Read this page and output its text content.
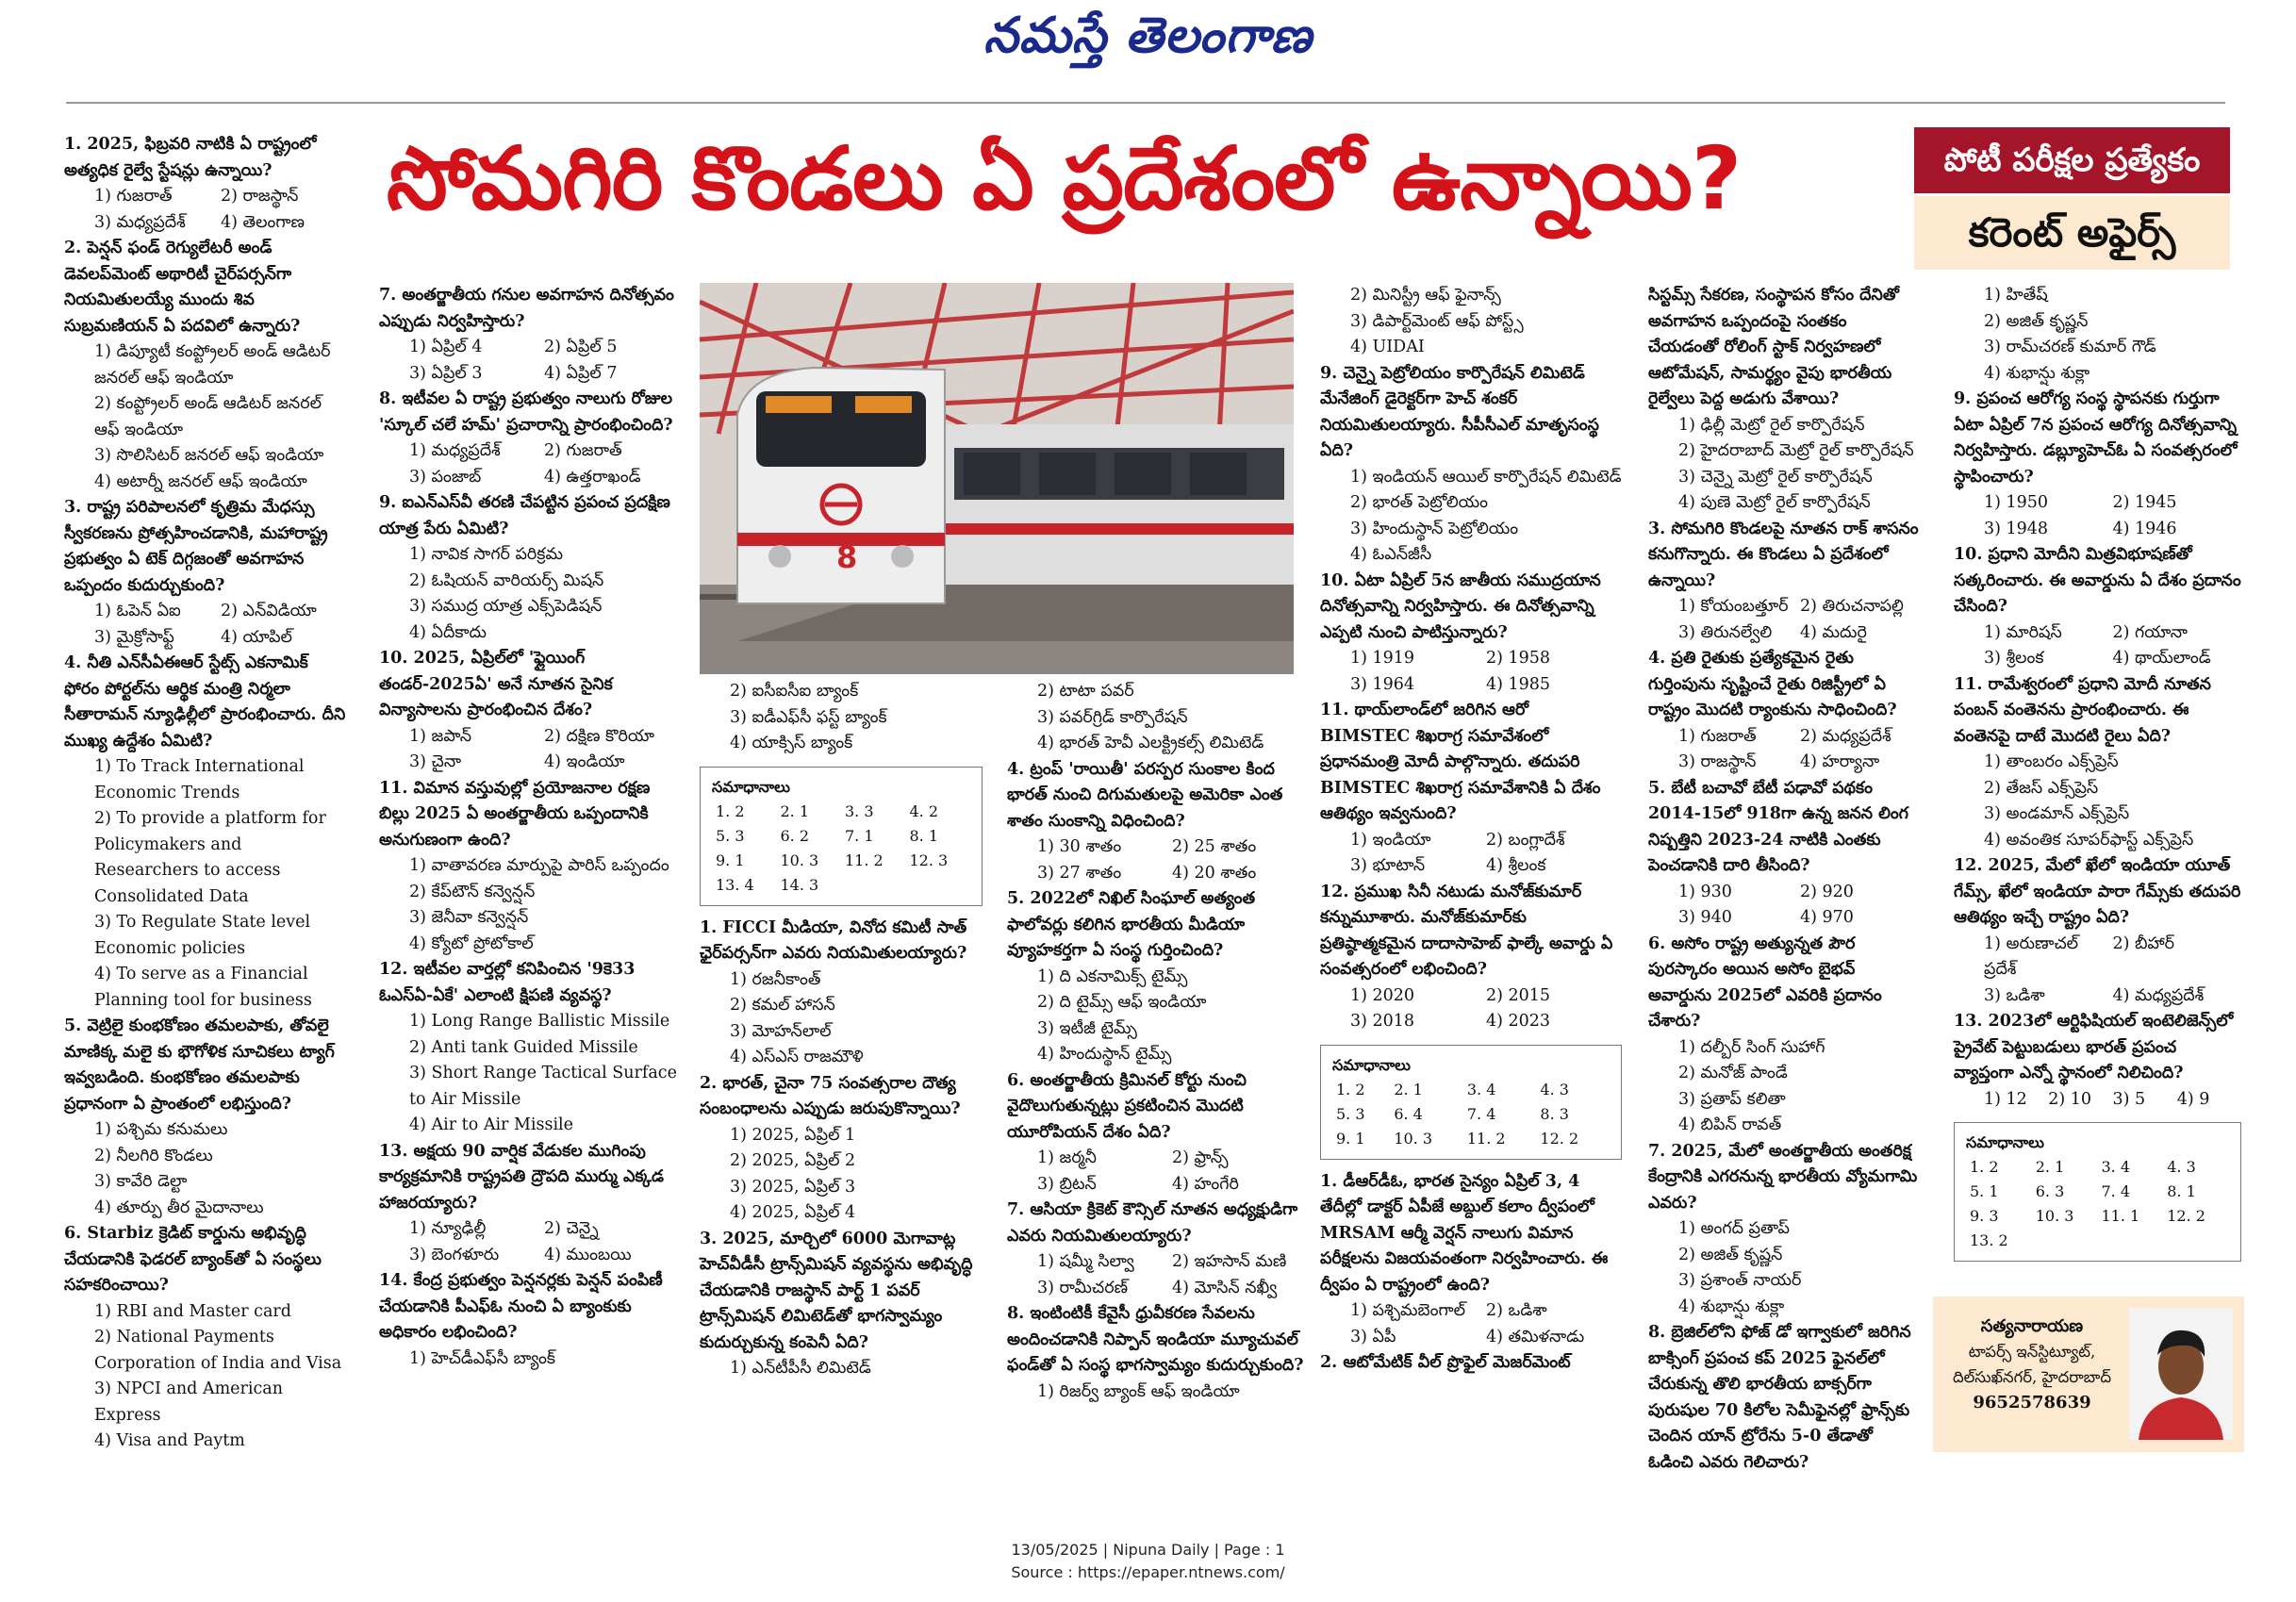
నమస్తే తెలంగాణ
సోమగిరి కొండలు ఏ ప్రదేశంలో ఉన్నాయి?	పోటీ పరీక్షల ప్రత్యేకం
కరెంట్ అఫైర్స్
8
1. 2025, ఫిబ్రవరి నాటికి ఏ రాష్ట్రంలో అత్యధిక రైల్వే స్టేషన్లు ఉన్నాయి?
1) గుజరాత్	2) రాజస్థాన్
3) మధ్యప్రదేశ్	4) తెలంగాణ
2. పెన్షన్ ఫండ్ రెగ్యులేటరీ అండ్ డెవలప్‌మెంట్ అథారిటీ చైర్‌పర్సన్‌గా నియమితులయ్యే ముందు శివ సుబ్రమణియన్ ఏ పదవిలో ఉన్నారు?
1) డిప్యూటీ కంప్ట్రోలర్ అండ్ ఆడిటర్ జనరల్ ఆఫ్ ఇండియా
2) కంప్ట్రోలర్ అండ్ ఆడిటర్ జనరల్ ఆఫ్ ఇండియా
3) సొలిసిటర్ జనరల్ ఆఫ్ ఇండియా
4) అటార్నీ జనరల్ ఆఫ్ ఇండియా
3. రాష్ట్ర పరిపాలనలో కృత్రిమ మేధస్సు స్వీకరణను ప్రోత్సహించడానికి, మహారాష్ట్ర ప్రభుత్వం ఏ టెక్ దిగ్గజంతో అవగాహన ఒప్పందం కుదుర్చుకుంది?
1) ఓపెన్ ఏఐ	2) ఎన్‌విడియా
3) మైక్రోసాఫ్ట్	4) యాపిల్
4. నీతి ఎన్‌సీఏఈఆర్ స్టేట్స్ ఎకనామిక్ ఫోరం పోర్టల్‌ను ఆర్థిక మంత్రి నిర్మలా సీతారామన్ న్యూఢిల్లీలో ప్రారంభించారు. దీని ముఖ్య ఉద్దేశం ఏమిటి?
1) To Track International Economic Trends
2) To provide a platform for Policymakers and Researchers to access Consolidated Data
3) To Regulate State level Economic policies
4) To serve as a Financial Planning tool for business
5. వెట్రిలై కుంభకోణం తమలపాకు, తోవలై మాణిక్క మలై కు భౌగోళిక సూచికలు ట్యాగ్ ఇవ్వబడింది. కుంభకోణం తమలపాకు ప్రధానంగా ఏ ప్రాంతంలో లభిస్తుంది?
1) పశ్చిమ కనుమలు
2) నీలగిరి కొండలు
3) కావేరి డెల్టా
4) తూర్పు తీర మైదానాలు
6. Starbiz క్రెడిట్ కార్డును అభివృద్ధి చేయడానికి ఫెడరల్ బ్యాంక్‌తో ఏ సంస్థలు సహకరించాయి?
1) RBI and Master card
2) National Payments Corporation of India and Visa
3) NPCI and American Express
4) Visa and Paytm
7. అంతర్జాతీయ గనుల అవగాహన దినోత్సవం ఎప్పుడు నిర్వహిస్తారు?
1) ఏప్రిల్ 4	2) ఏప్రిల్ 5
3) ఏప్రిల్ 3	4) ఏప్రిల్ 7
8. ఇటీవల ఏ రాష్ట్ర ప్రభుత్వం నాలుగు రోజుల 'స్కూల్ చలే హమ్' ప్రచారాన్ని ప్రారంభించింది?
1) మధ్యప్రదేశ్	2) గుజరాత్
3) పంజాబ్	4) ఉత్తరాఖండ్
9. ఐఎన్ఎస్‌వీ తరణి చేపట్టిన ప్రపంచ ప్రదక్షిణ యాత్ర పేరు ఏమిటి?
1) నావిక సాగర్ పరిక్రమ
2) ఓషియన్ వారియర్స్ మిషన్
3) సముద్ర యాత్ర ఎక్స్‌పెడిషన్
4) ఏదీకాదు
10. 2025, ఏప్రిల్‌లో 'ఫ్లైయింగ్ తండర్-2025ఏ' అనే నూతన సైనిక విన్యాసాలను ప్రారంభించిన దేశం?
1) జపాన్	2) దక్షిణ కొరియా
3) చైనా	4) ఇండియా
11. విమాన వస్తువుల్లో ప్రయోజనాల రక్షణ బిల్లు 2025 ఏ అంతర్జాతీయ ఒప్పందానికి అనుగుణంగా ఉంది?
1) వాతావరణ మార్పుపై పారిస్ ఒప్పందం
2) కేప్‌టౌన్ కన్వెన్షన్
3) జెనీవా కన్వెన్షన్
4) క్యోటో ప్రోటోకాల్
12. ఇటీవల వార్తల్లో కనిపించిన '9కె33 ఓఎస్‌ఏ-ఏకే' ఎలాంటి క్షిపణి వ్యవస్థ?
1) Long Range Ballistic Missile
2) Anti tank Guided Missile
3) Short Range Tactical Surface to Air Missile
4) Air to Air Missile
13. అక్షయ 90 వార్షిక వేడుకల ముగింపు కార్యక్రమానికి రాష్ట్రపతి ద్రౌపది ముర్ము ఎక్కడ హాజరయ్యారు?
1) న్యూఢిల్లీ	2) చెన్నై
3) బెంగళూరు	4) ముంబయి
14. కేంద్ర ప్రభుత్వం పెన్షనర్లకు పెన్షన్ పంపిణీ చేయడానికి పీఎఫ్‌ఓ నుంచి ఏ బ్యాంకుకు అధికారం లభించింది?
1) హెచ్‌డీఎఫ్‌సీ బ్యాంక్
2) ఐసీఐసీఐ బ్యాంక్
3) ఐడీఎఫ్‌సీ ఫస్ట్ బ్యాంక్
4) యాక్సిస్ బ్యాంక్
సమాధానాలు
1. 2	2. 1	3. 3	4. 2
5. 3	6. 2	7. 1	8. 1
9. 1	10. 3	11. 2	12. 3
13. 4	14. 3		
1. FICCI మీడియా, వినోద కమిటీ సాత్ ఛైర్‌పర్సన్‌గా ఎవరు నియమితులయ్యారు?
1) రజనీకాంత్
2) కమల్ హాసన్
3) మోహన్‌లాల్
4) ఎస్ఎస్ రాజమౌళి
2. భారత్, చైనా 75 సంవత్సరాల దౌత్య సంబంధాలను ఎప్పుడు జరుపుకొన్నాయి?
1) 2025, ఏప్రిల్ 1
2) 2025, ఏప్రిల్ 2
3) 2025, ఏప్రిల్ 3
4) 2025, ఏప్రిల్ 4
3. 2025, మార్చిలో 6000 మెగావాట్ల హెచ్‌వీడీసీ ట్రాన్స్‌మిషన్ వ్యవస్థను అభివృద్ధి చేయడానికి రాజస్థాన్ పార్ట్ 1 పవర్ ట్రాన్స్‌మిషన్ లిమిటెడ్‌తో భాగస్వామ్యం కుదుర్చుకున్న కంపెనీ ఏది?
1) ఎన్‌టీపీసీ లిమిటెడ్
2) టాటా పవర్
3) పవర్‌గ్రిడ్ కార్పొరేషన్
4) భారత్ హెవీ ఎలక్ట్రికల్స్ లిమిటెడ్
4. ట్రంప్ 'రాయితీ' పరస్పర సుంకాల కింద భారత్ నుంచి దిగుమతులపై అమెరికా ఎంత శాతం సుంకాన్ని విధించింది?
1) 30 శాతం	2) 25 శాతం
3) 27 శాతం	4) 20 శాతం
5. 2022లో నిఖిల్ సింఘాల్ అత్యంత ఫాలోవర్లు కలిగిన భారతీయ మీడియా వ్యూహకర్తగా ఏ సంస్థ గుర్తించింది?
1) ది ఎకనామిక్స్ టైమ్స్
2) ది టైమ్స్ ఆఫ్ ఇండియా
3) ఇటీజీ టైమ్స్
4) హిందుస్థాన్ టైమ్స్
6. అంతర్జాతీయ క్రిమినల్ కోర్టు నుంచి వైదొలుగుతున్నట్లు ప్రకటించిన మొదటి యూరోపియన్ దేశం ఏది?
1) జర్మనీ	2) ఫ్రాన్స్
3) బ్రిటన్	4) హంగేరి
7. ఆసియా క్రికెట్ కౌన్సిల్ నూతన అధ్యక్షుడిగా ఎవరు నియమితులయ్యారు?
1) షమ్మీ సిల్వా	2) ఇహసాన్ మణి
3) రామీచరణ్	4) మోసిన్ నఖ్వీ
8. ఇంటింటికీ కేవైసీ ధ్రువీకరణ సేవలను అందించడానికి నిప్పాన్ ఇండియా మ్యూచువల్ ఫండ్‌తో ఏ సంస్థ భాగస్వామ్యం కుదుర్చుకుంది?
1) రిజర్వ్ బ్యాంక్ ఆఫ్ ఇండియా
2) మినిస్ట్రీ ఆఫ్ ఫైనాన్స్
3) డిపార్ట్‌మెంట్ ఆఫ్ పోస్ట్స్
4) UIDAI
9. చెన్నై పెట్రోలియం కార్పొరేషన్ లిమిటెడ్ మేనేజింగ్ డైరెక్టర్‌గా హెచ్ శంకర్ నియమితులయ్యారు. సీపీసీఎల్ మాతృసంస్థ ఏది?
1) ఇండియన్ ఆయిల్ కార్పొరేషన్ లిమిటెడ్
2) భారత్ పెట్రోలియం
3) హిందుస్థాన్ పెట్రోలియం
4) ఓఎన్‌జీసీ
10. ఏటా ఏప్రిల్ 5న జాతీయ సముద్రయాన దినోత్సవాన్ని నిర్వహిస్తారు. ఈ దినోత్సవాన్ని ఎప్పటి నుంచి పాటిస్తున్నారు?
1) 1919	2) 1958
3) 1964	4) 1985
11. థాయ్‌లాండ్‌లో జరిగిన ఆరో BIMSTEC శిఖరాగ్ర సమావేశంలో ప్రధానమంత్రి మోదీ పాల్గొన్నారు. తదుపరి BIMSTEC శిఖరాగ్ర సమావేశానికి ఏ దేశం ఆతిథ్యం ఇవ్వనుంది?
1) ఇండియా	2) బంగ్లాదేశ్
3) భూటాన్	4) శ్రీలంక
12. ప్రముఖ సినీ నటుడు మనోజ్‌కుమార్ కన్నుమూశారు. మనోజ్‌కుమార్‌కు ప్రతిష్ఠాత్మకమైన దాదాసాహెబ్ ఫాల్కే అవార్డు ఏ సంవత్సరంలో లభించింది?
1) 2020	2) 2015
3) 2018	4) 2023
సమాధానాలు
1. 2	2. 1	3. 4	4. 3
5. 3	6. 4	7. 4	8. 3
9. 1	10. 3	11. 2	12. 2
1. డీఆర్‌డీఓ, భారత సైన్యం ఏప్రిల్ 3, 4 తేదీల్లో డాక్టర్ ఏపీజే అబ్దుల్ కలాం ద్వీపంలో MRSAM ఆర్మీ వెర్షన్ నాలుగు విమాన పరీక్షలను విజయవంతంగా నిర్వహించారు. ఈ ద్వీపం ఏ రాష్ట్రంలో ఉంది?
1) పశ్చిమబెంగాల్	2) ఒడిశా
3) ఏపీ	4) తమిళనాడు
2. ఆటోమేటిక్ వీల్ ప్రొఫైల్ మెజర్‌మెంట్
సిస్టమ్స్ సేకరణ, సంస్థాపన కోసం దేనితో అవగాహన ఒప్పందంపై సంతకం చేయడంతో రోలింగ్ స్టాక్ నిర్వహణలో ఆటోమేషన్, సామర్థ్యం వైపు భారతీయ రైల్వేలు పెద్ద అడుగు వేశాయి?
1) ఢిల్లీ మెట్రో రైల్ కార్పొరేషన్
2) హైదరాబాద్ మెట్రో రైల్ కార్పొరేషన్
3) చెన్నై మెట్రో రైల్ కార్పొరేషన్
4) పుణె మెట్రో రైల్ కార్పొరేషన్
3. సోమగిరి కొండలపై నూతన రాక్ శాసనం కనుగొన్నారు. ఈ కొండలు ఏ ప్రదేశంలో ఉన్నాయి?
1) కోయంబత్తూర్ 2) తిరుచనాపల్లి
3) తిరునల్వేలి	4) మదురై
4. ప్రతి రైతుకు ప్రత్యేకమైన రైతు గుర్తింపును సృష్టించే రైతు రిజిస్ట్రీలో ఏ రాష్ట్రం మొదటి ర్యాంకును సాధించింది?
1) గుజరాత్	2) మధ్యప్రదేశ్
3) రాజస్థాన్	4) హర్యానా
5. బేటీ బచావో బేటీ పఢావో పథకం 2014-15లో 918గా ఉన్న జనన లింగ నిష్పత్తిని 2023-24 నాటికి ఎంతకు పెంచడానికి దారి తీసింది?
1) 930	2) 920
3) 940	4) 970
6. అసోం రాష్ట్ర అత్యున్నత పౌర పురస్కారం అయిన అసోం బైభవ్ అవార్డును 2025లో ఎవరికి ప్రదానం చేశారు?
1) దల్బీర్ సింగ్ సుహాగ్
2) మనోజ్ పాండే
3) ప్రతాప్ కలితా
4) బిపిన్ రావత్
7. 2025, మేలో అంతర్జాతీయ అంతరిక్ష కేంద్రానికి ఎగరనున్న భారతీయ వ్యోమగామి ఎవరు?
1) అంగద్ ప్రతాప్
2) అజిత్ కృష్ణన్
3) ప్రశాంత్ నాయర్
4) శుభాన్షు శుక్లా
8. బ్రెజిల్‌లోని ఫోజ్ డో ఇగ్వాకులో జరిగిన బాక్సింగ్ ప్రపంచ కప్ 2025 ఫైనల్‌లో చేరుకున్న తొలి భారతీయ బాక్సర్‌గా పురుషుల 70 కిలోల సెమీఫైనల్లో ఫ్రాన్స్‌కు చెందిన యాన్ ట్రోరేను 5-0 తేడాతో ఓడించి ఎవరు గెలిచారు?
1) హితేష్
2) అజిత్ కృష్ణన్
3) రామ్‌చరణ్ కుమార్ గౌడ్
4) శుభాన్షు శుక్లా
9. ప్రపంచ ఆరోగ్య సంస్థ స్థాపనకు గుర్తుగా ఏటా ఏప్రిల్ 7న ప్రపంచ ఆరోగ్య దినోత్సవాన్ని నిర్వహిస్తారు. డబ్ల్యూహెచ్‌ఓ ఏ సంవత్సరంలో స్థాపించారు?
1) 1950	2) 1945
3) 1948	4) 1946
10. ప్రధాని మోదీని మిత్రవిభూషణ్‌తో సత్కరించారు. ఈ అవార్డును ఏ దేశం ప్రదానం చేసింది?
1) మారిషస్	2) గయానా
3) శ్రీలంక	4) థాయ్‌లాండ్
11. రామేశ్వరంలో ప్రధాని మోదీ నూతన పంబన్ వంతెనను ప్రారంభించారు. ఈ వంతెనపై దాటే మొదటి రైలు ఏది?
1) తాంబరం ఎక్స్‌ప్రెస్
2) తేజస్ ఎక్స్‌ప్రెస్
3) అండమాన్ ఎక్స్‌ప్రెస్
4) అవంతిక సూపర్‌ఫాస్ట్ ఎక్స్‌ప్రెస్
12. 2025, మేలో ఖేలో ఇండియా యూత్ గేమ్స్, ఖేలో ఇండియా పారా గేమ్స్‌కు తదుపరి ఆతిథ్యం ఇచ్చే రాష్ట్రం ఏది?
1) అరుణాచల్ ప్రదేశ్
2) బీహార్
3) ఒడిశా	4) మధ్యప్రదేశ్
13. 2023లో ఆర్టిఫిషియల్ ఇంటెలిజెన్స్‌లో ప్రైవేట్ పెట్టుబడులు భారత్ ప్రపంచ వ్యాప్తంగా ఎన్నో స్థానంలో నిలిచింది?
1) 12	2) 10	3) 5	4) 9
సమాధానాలు
1. 2	2. 1	3. 4	4. 3
5. 1	6. 3	7. 4	8. 1
9. 3	10. 3	11. 1	12. 2
13. 2			
సత్యనారాయణ
టాపర్స్ ఇన్‌స్టిట్యూట్,
దిల్‌సుఖ్‌నగర్, హైదరాబాద్
9652578639
13/05/2025 | Nipuna Daily | Page : 1
Source : https://epaper.ntnews.com/
